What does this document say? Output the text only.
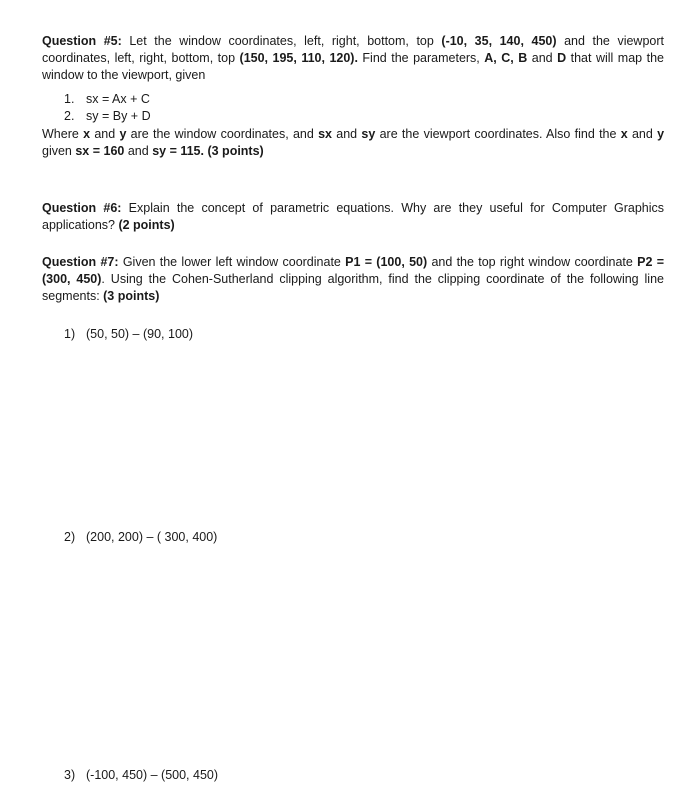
Question #5: Let the window coordinates, left, right, bottom, top (-10, 35, 140, 450) and the viewport coordinates, left, right, bottom, top (150, 195, 110, 120). Find the parameters, A, C, B and D that will map the window to the viewport, given
1. sx = Ax + C
2. sy = By + D
Where x and y are the window coordinates, and sx and sy are the viewport coordinates. Also find the x and y given sx = 160 and sy = 115. (3 points)
Question #6: Explain the concept of parametric equations. Why are they useful for Computer Graphics applications? (2 points)
Question #7: Given the lower left window coordinate P1 = (100, 50) and the top right window coordinate P2 = (300, 450). Using the Cohen-Sutherland clipping algorithm, find the clipping coordinate of the following line segments: (3 points)
1) (50, 50) – (90, 100)
2) (200, 200) – ( 300, 400)
3) (-100, 450) – (500, 450)
